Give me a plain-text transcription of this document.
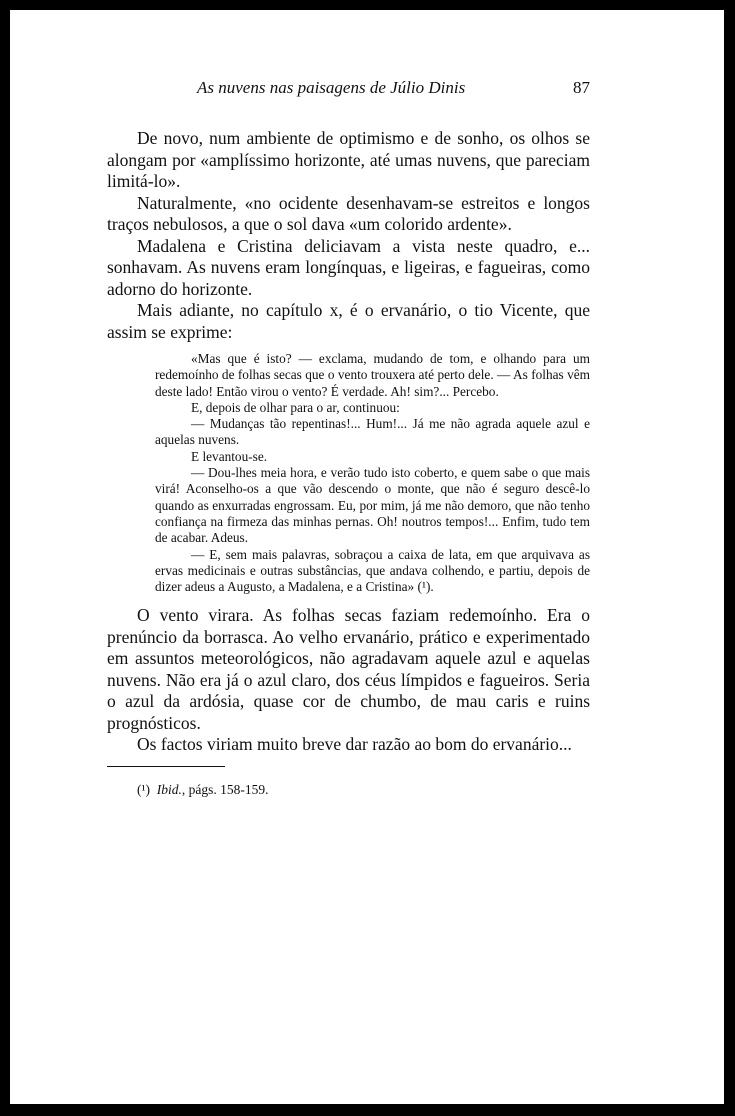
As nuvens nas paisagens de Júlio Dinis	87

De novo, num ambiente de optimismo e de sonho, os olhos se alongam por «amplíssimo horizonte, até umas nuvens, que pareciam limitá-lo».

Naturalmente, «no ocidente desenhavam-se estreitos e longos traços nebulosos, a que o sol dava «um colorido ardente».

Madalena e Cristina deliciavam a vista neste quadro, e... sonhavam. As nuvens eram longínquas, e ligeiras, e fagueiras, como adorno do horizonte.

Mais adiante, no capítulo x, é o ervanário, o tio Vicente, que assim se exprime:

«Mas que é isto? — exclama, mudando de tom, e olhando para um redemoínho de folhas secas que o vento trouxera até perto dele. — As folhas vêm deste lado! Então virou o vento? É verdade. Ah! sim?... Percebo.

E, depois de olhar para o ar, continuou:

— Mudanças tão repentinas!... Hum!... Já me não agrada aquele azul e aquelas nuvens.

E levantou-se.

— Dou-lhes meia hora, e verão tudo isto coberto, e quem sabe o que mais virá! Aconselho-os a que vão descendo o monte, que não é seguro descê-lo quando as enxurradas engrossam. Eu, por mim, já me não demoro, que não tenho confiança na firmeza das minhas pernas. Oh! noutros tempos!... Enfim, tudo tem de acabar. Adeus.

— E, sem mais palavras, sobraçou a caixa de lata, em que arquivava as ervas medicinais e outras substâncias, que andava colhendo, e partiu, depois de dizer adeus a Augusto, a Madalena, e a Cristina» (¹).

O vento virara. As folhas secas faziam redemoínho. Era o prenúncio da borrasca. Ao velho ervanário, prático e experimentado em assuntos meteorológicos, não agradavam aquele azul e aquelas nuvens. Não era já o azul claro, dos céus límpidos e fagueiros. Seria o azul da ardósia, quase cor de chumbo, de mau caris e ruins prognósticos.

Os factos viriam muito breve dar razão ao bom do ervanário...

(¹) Ibid., págs. 158-159.
